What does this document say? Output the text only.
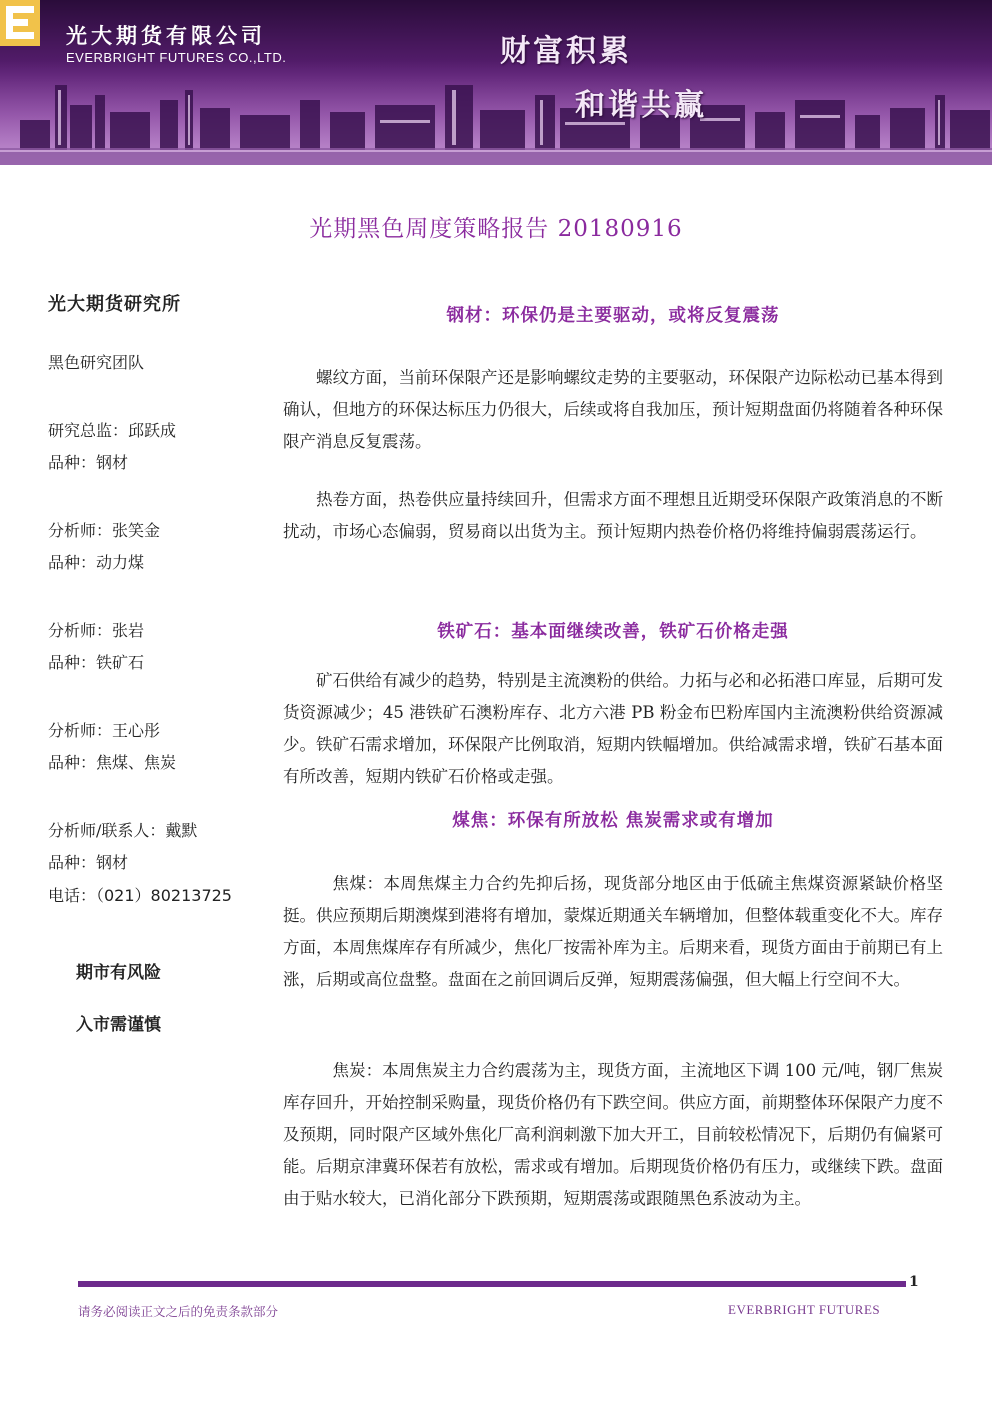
光大期货有限公司
EVERBRIGHT FUTURES CO.,LTD.	财富积累
和谐共赢
光期黑色周度策略报告 20180916
光大期货研究所
黑色研究团队
研究总监：邱跃成
品种：钢材
分析师：张笑金
品种：动力煤
分析师：张岩
品种：铁矿石
分析师：王心彤
品种：焦煤、焦炭
分析师/联系人：戴默
品种：钢材
电话：（021）80213725
期市有风险
入市需谨慎
钢材：环保仍是主要驱动，或将反复震荡

螺纹方面，当前环保限产还是影响螺纹走势的主要驱动，环保限产边际松动已基本得到确认，但地方的环保达标压力仍很大，后续或将自我加压，预计短期盘面仍将随着各种环保限产消息反复震荡。

热卷方面，热卷供应量持续回升，但需求方面不理想且近期受环保限产政策消息的不断扰动，市场心态偏弱，贸易商以出货为主。预计短期内热卷价格仍将维持偏弱震荡运行。

铁矿石：基本面继续改善，铁矿石价格走强

矿石供给有减少的趋势，特别是主流澳粉的供给。力拓与必和必拓港口库显，后期可发货资源减少；45 港铁矿石澳粉库存、北方六港 PB 粉金布巴粉库国内主流澳粉供给资源减少。铁矿石需求增加，环保限产比例取消，短期内铁幅增加。供给减需求增，铁矿石基本面有所改善，短期内铁矿石价格或走强。

煤焦：环保有所放松 焦炭需求或有增加

焦煤：本周焦煤主力合约先抑后扬，现货部分地区由于低硫主焦煤资源紧缺价格坚挺。供应预期后期澳煤到港将有增加，蒙煤近期通关车辆增加，但整体载重变化不大。库存方面，本周焦煤库存有所减少，焦化厂按需补库为主。后期来看，现货方面由于前期已有上涨，后期或高位盘整。盘面在之前回调后反弹，短期震荡偏强，但大幅上行空间不大。

焦炭：本周焦炭主力合约震荡为主，现货方面，主流地区下调 100 元/吨，钢厂焦炭库存回升，开始控制采购量，现货价格仍有下跌空间。供应方面，前期整体环保限产力度不及预期，同时限产区域外焦化厂高利润刺激下加大开工，目前较松情况下，后期仍有偏紧可能。后期京津冀环保若有放松，需求或有增加。后期现货价格仍有压力，或继续下跌。盘面由于贴水较大，已消化部分下跌预期，短期震荡或跟随黑色系波动为主。

1
请务必阅读正文之后的免责条款部分	EVERBRIGHT FUTURES
